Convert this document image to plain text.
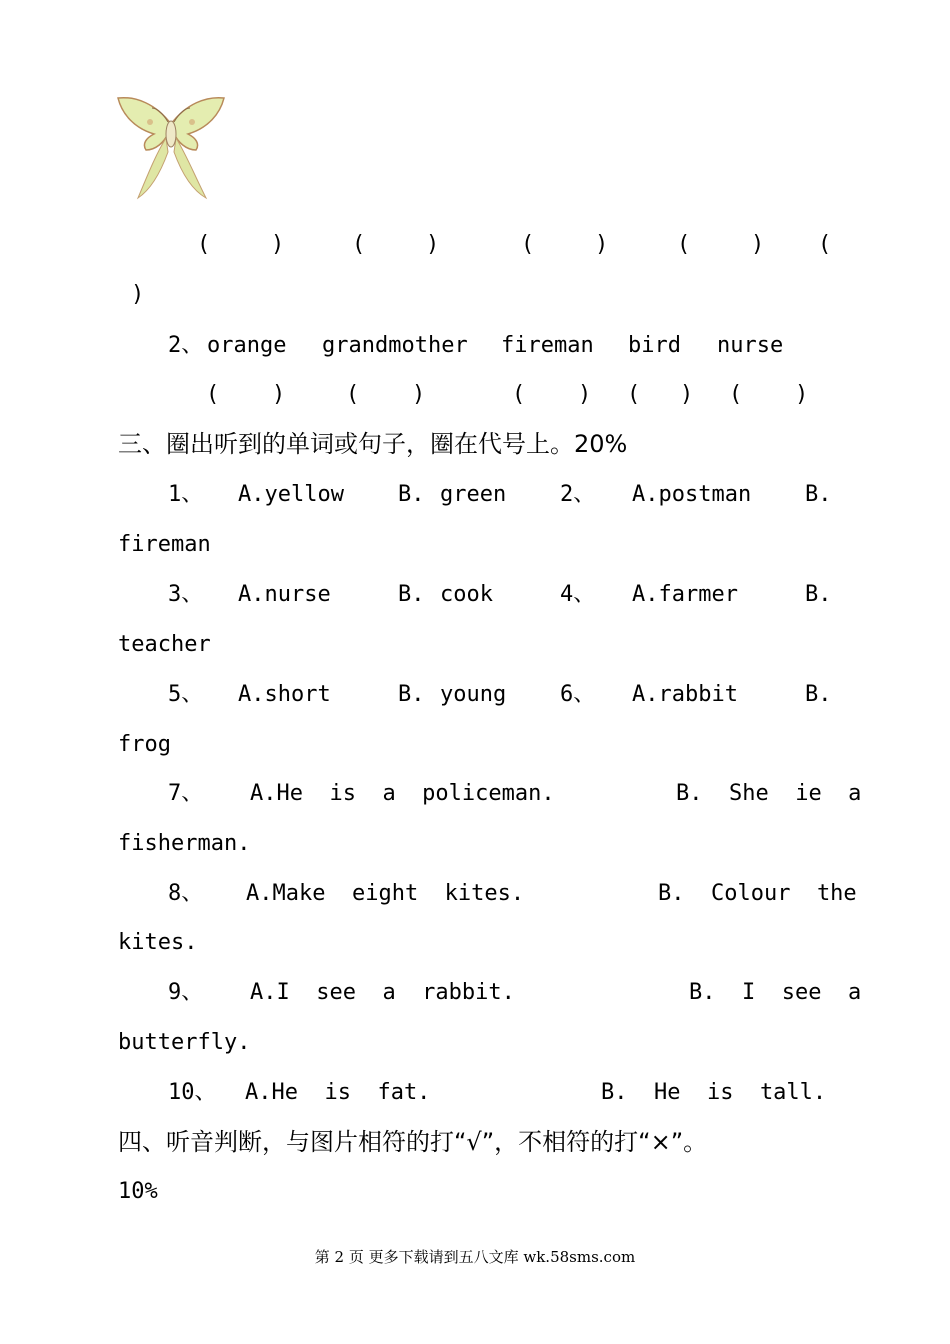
(	)	(	)	(	)	(	) (
)
2、 orange grandmother fireman bird nurse
( )	( )	( ) ( ) ( )
三、圈出听到的单词或句子，圈在代号上。20%
1、 A.yellow B. green 2、 A.postman B.
fireman
3、 A.nurse	B. cook	4、 A.farmer	B.
teacher
5、 A.short	B. young 6、 A.rabbit	B.
frog
7、 A.He  is  a  policeman.	B.  She  ie  a
fisherman.
8、 A.Make  eight  kites.	B.  Colour  the
kites.
9、 A.I  see  a  rabbit.	B.  I  see  a
butterfly.
10、 A.He  is  fat.	B.  He  is  tall.
四、听音判断，与图片相符的打“√”，不相符的打“×”。
10%
第 2 页 更多下载请到五八文库 wk.58sms.com
